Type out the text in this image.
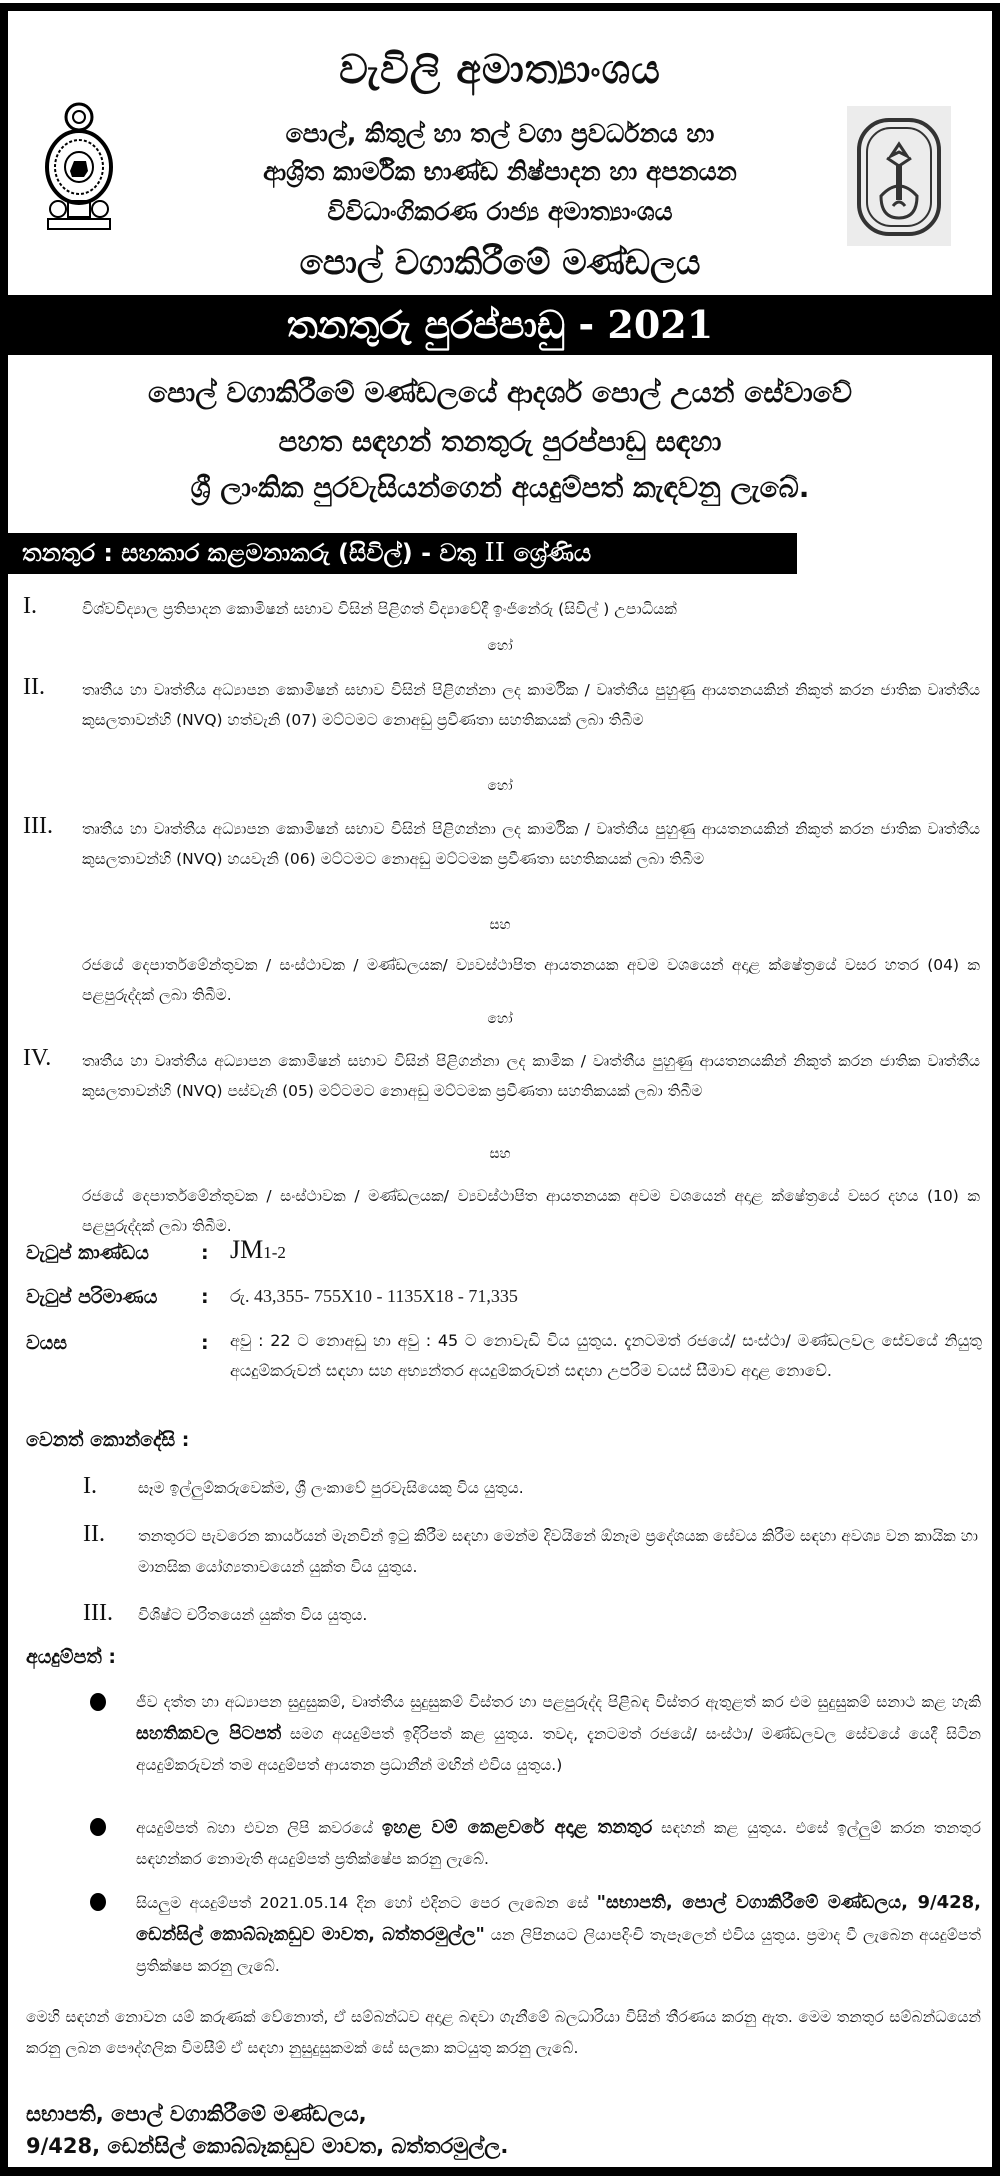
වැවිලි අමාත්‍යාංශය
පොල්, කිතුල් හා තල් වගා ප්‍රවර්ධනය හා
ආශ්‍රිත කාර්මික භාණ්ඩ නිෂ්පාදන හා අපනයන
විවිධාංගිකරණ රාජ්‍ය අමාත්‍යාංශය
පොල් වගාකිරීමේ මණ්ඩලය
තනතුරු පුරප්පාඩු - 2021
පොල් වගාකිරීමේ මණ්ඩලයේ ආදර්ශ පොල් උයන් සේවාවේ
පහත සඳහන් තනතුරු පුරප්පාඩු සඳහා
ශ්‍රී ලාංකික පුරවැසියන්ගෙන් අයදුම්පත් කැඳවනු ලැබේ.
තනතුර : සහකාර කළමනාකරු (සිවිල්) - වතු II ශ්‍රේණිය
I.	විශ්වවිද්‍යාල ප්‍රතිපාදන කොමිෂන් සභාව විසින් පිළිගත් විද්‍යාවේදී ඉංජිනේරු (සිවිල් ) උපාධියක්
හෝ
II. තෘතීය හා වෘත්තීය අධ්‍යාපන කොමිෂන් සභාව විසින් පිළිගන්නා ලද කාර්මික / වෘත්තීය පුහුණු ආයතනයකින් නිකුත් කරන ජාතික වෘත්තීය කුසලතාවන්හි (NVQ) හත්වැනි (07) මට්ටමට නොඅඩු ප්‍රවීණතා සහතිකයක් ලබා තිබීම
හෝ
III. තෘතීය හා වෘත්තීය අධ්‍යාපන කොමිෂන් සභාව විසින් පිළිගන්නා ලද කාර්මික / වෘත්තීය පුහුණු ආයතනයකින් නිකුත් කරන ජාතික වෘත්තීය කුසලතාවන්හි (NVQ) හයවැනි (06) මට්ටමට නොඅඩු මට්ටමක ප්‍රවීණතා සහතිකයක් ලබා තිබීම
සහ
රජයේ දෙපාර්තමේන්තුවක / සංස්ථාවක / මණ්ඩලයක/ ව්‍යවස්ථාපිත ආයතනයක අවම වශයෙන් අදාළ ක්ෂේත්‍රයේ වසර හතර (04) ක පළපුරුද්දක් ලබා තිබීම.
හෝ
IV. තෘතීය හා වෘත්තීය අධ්‍යාපන කොමිෂන් සභාව විසින් පිළිගන්නා ලද කාමික / වෘත්තීය පුහුණු ආයතනයකින් නිකුත් කරන ජාතික වෘත්තීය කුසලතාවන්හි (NVQ) පස්වැනි (05) මට්ටමට නොඅඩු මට්ටමක ප්‍රවීණතා සහතිකයක් ලබා තිබීම
සහ
රජයේ දෙපාර්තමේන්තුවක / සංස්ථාවක / මණ්ඩලයක/ ව්‍යවස්ථාපිත ආයතනයක අවම වශයෙන් අදාළ ක්ෂේත්‍රයේ වසර දහය (10) ක පළපුරුද්දක් ලබා තිබීම.
වැටුප් කාණ්ඩය	: JM1-2
වැටුප් පරිමාණය : රු. 43,355- 755X10 - 1135X18 - 71,335
වයස	: අවු : 22 ට නොඅඩු හා අවු : 45 ට නොවැඩි විය යුතුය. දැනටමත් රජයේ/ සංස්ථා/ මණ්ඩලවල සේවයේ නියුතු අයදුම්කරුවන් සඳහා සහ අභ්‍යන්තර අයදුම්කරුවන් සඳහා උපරිම වයස් සීමාව අදාළ නොවේ.
වෙනත් කොන්දේසි :
I.	සෑම ඉල්ලුම්කරුවෙක්ම, ශ්‍රී ලංකාවේ පුරවැසියෙකු විය යුතුය.
II. තනතුරට පැවරෙන කාර්යයන් මැනවින් ඉටු කිරීම සඳහා මෙන්ම දිවයිනේ ඕනෑම ප්‍රදේශයක සේවය කිරීම සඳහා අවශ්‍ය වන කායික හා මානසික යෝග්‍යතාවයෙන් යුක්ත විය යුතුය.
III. විශිෂ්ට චරිතයෙන් යුක්ත විය යුතුය.
අයදුම්පත් :
ජීව දත්ත හා අධ්‍යාපන සුදුසුකම්, වෘත්තීය සුදුසුකම් විස්තර හා පළපුරුද්ද පිළිබඳ විස්තර ඇතුළත් කර එම සුදුසුකම් සනාථ කළ හැකි සහතිකවල පිටපත් සමග අයදුම්පත් ඉදිරිපත් කළ යුතුය. තවද, දැනටමත් රජයේ/ සංස්ථා/ මණ්ඩලවල සේවයේ යෙදී සිටින අයදුම්කරුවන් තම අයදුම්පත් ආයතන ප්‍රධානීන් මඟින් එවිය යුතුය.)
අයදුම්පත් බහා එවන ලිපි කවරයේ ඉහළ වම් කෙළවරේ අදාළ තනතුර සඳහන් කළ යුතුය. එසේ ඉල්ලුම් කරන තනතුර සඳහන්කර නොමැති අයදුම්පත් ප්‍රතික්ෂේප කරනු ලැබේ.
සියලුම අයදුම්පත් 2021.05.14 දින හෝ එදිනට පෙර ලැබෙන සේ "සභාපති, පොල් වගාකිරීමේ මණ්ඩලය, 9/428, ඩෙන්සිල් කොබ්බෑකඩුව මාවත, බත්තරමුල්ල" යන ලිපිනයට ලියාපදිංචි තැපෑලෙන් එවිය යුතුය. ප්‍රමාද වී ලැබෙන අයදුම්පත් ප්‍රතික්ෂප කරනු ලැබේ.
මෙහි සඳහන් නොවන යම් කරුණක් වේනොත්, ඒ සම්බන්ධව අදාළ බඳවා ගැනීමේ බලධාරියා විසින් තීරණය කරනු ඇත. මෙම තනතුර සම්බන්ධයෙන් කරනු ලබන පෞද්ගලික විමසීම් ඒ සඳහා නුසුදුසුකමක් සේ සලකා කටයුතු කරනු ලැබේ.
සභාපති, පොල් වගාකිරීමේ මණ්ඩලය,
9/428, ඩෙන්සිල් කොබ්බෑකඩුව මාවත, බත්තරමුල්ල.
